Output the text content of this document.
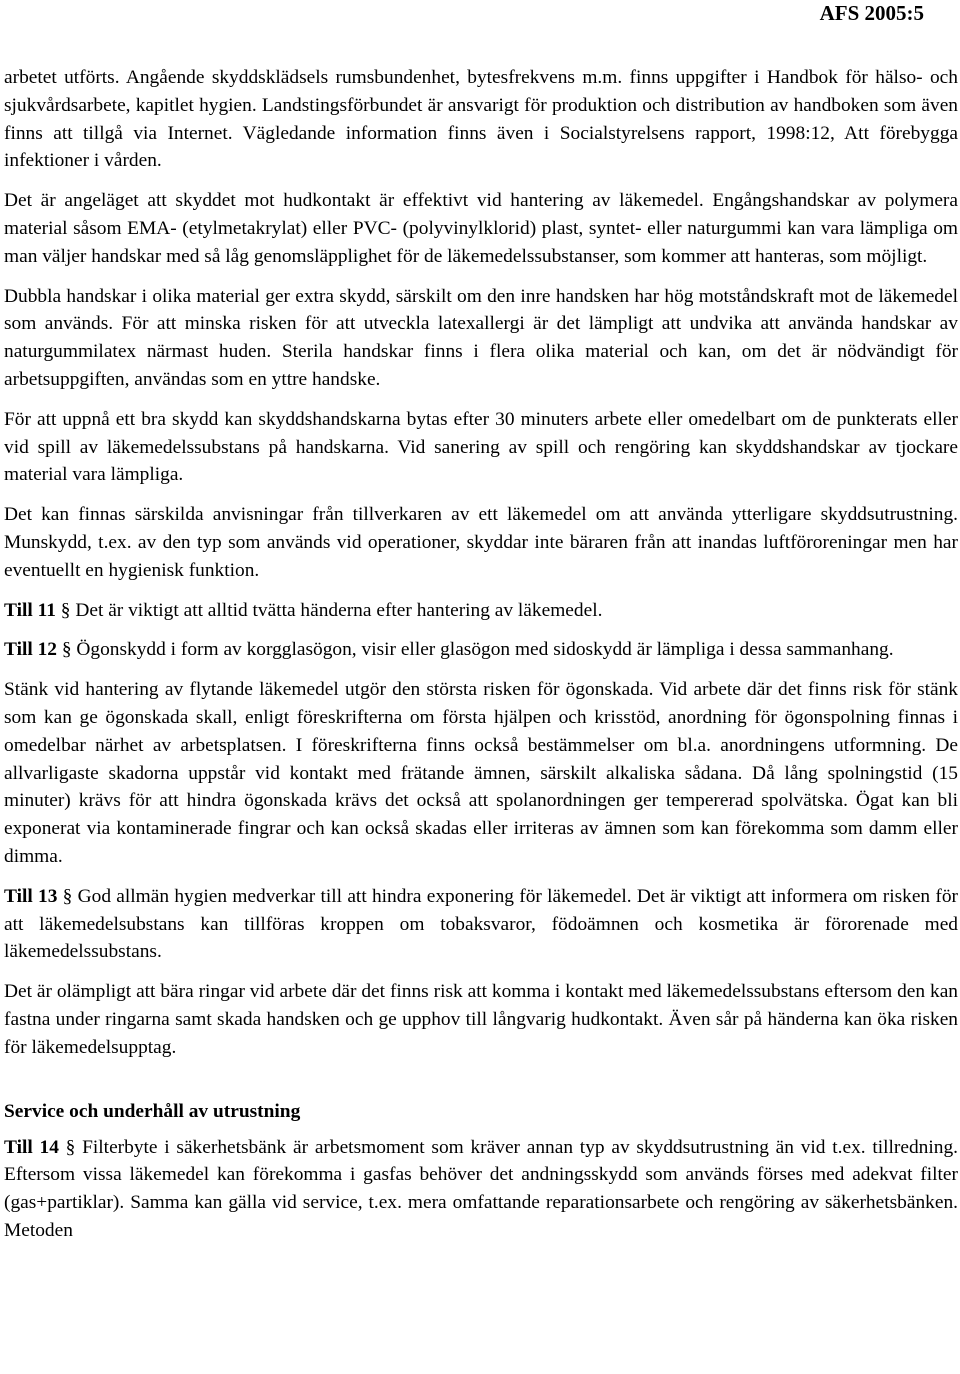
AFS 2005:5

arbetet utförts. Angående skyddsklädsels rumsbundenhet, bytesfrekvens m.m. finns uppgifter i Handbok för hälso- och sjukvårdsarbete, kapitlet hygien. Landstingsförbundet är ansvarigt för produktion och distribution av handboken som även finns att tillgå via Internet. Vägledande information finns även i Socialstyrelsens rapport, 1998:12, Att förebygga infektioner i vården.

Det är angeläget att skyddet mot hudkontakt är effektivt vid hantering av läkemedel. Engångshandskar av polymera material såsom EMA- (etylmetakrylat) eller PVC- (polyvinylklorid) plast, syntet- eller naturgummi kan vara lämpliga om man väljer handskar med så låg genomsläpplighet för de läkemedelssubstanser, som kommer att hanteras, som möjligt.

Dubbla handskar i olika material ger extra skydd, särskilt om den inre handsken har hög motståndskraft mot de läkemedel som används. För att minska risken för att utveckla latexallergi är det lämpligt att undvika att använda handskar av naturgummilatex närmast huden. Sterila handskar finns i flera olika material och kan, om det är nödvändigt för arbetsuppgiften, användas som en yttre handske.

För att uppnå ett bra skydd kan skyddshandskarna bytas efter 30 minuters arbete eller omedelbart om de punkterats eller vid spill av läkemedelssubstans på handskarna. Vid sanering av spill och rengöring kan skyddshandskar av tjockare material vara lämpliga.

Det kan finnas särskilda anvisningar från tillverkaren av ett läkemedel om att använda ytterligare skyddsutrustning. Munskydd, t.ex. av den typ som används vid operationer, skyddar inte bäraren från att inandas luftföroreningar men har eventuellt en hygienisk funktion.

Till 11 § Det är viktigt att alltid tvätta händerna efter hantering av läkemedel.

Till 12 § Ögonskydd i form av korgglasögon, visir eller glasögon med sidoskydd är lämpliga i dessa sammanhang.

Stänk vid hantering av flytande läkemedel utgör den största risken för ögonskada. Vid arbete där det finns risk för stänk som kan ge ögonskada skall, enligt föreskrifterna om första hjälpen och krisstöd, anordning för ögonspolning finnas i omedelbar närhet av arbetsplatsen. I föreskrifterna finns också bestämmelser om bl.a. anordningens utformning. De allvarligaste skadorna uppstår vid kontakt med frätande ämnen, särskilt alkaliska sådana. Då lång spolningstid (15 minuter) krävs för att hindra ögonskada krävs det också att spolanordningen ger tempererad spolvätska. Ögat kan bli exponerat via kontaminerade fingrar och kan också skadas eller irriteras av ämnen som kan förekomma som damm eller dimma.

Till 13 § God allmän hygien medverkar till att hindra exponering för läkemedel. Det är viktigt att informera om risken för att läkemedelsubstans kan tillföras kroppen om tobaksvaror, födoämnen och kosmetika är förorenade med läkemedelssubstans.

Det är olämpligt att bära ringar vid arbete där det finns risk att komma i kontakt med läkemedelssubstans eftersom den kan fastna under ringarna samt skada handsken och ge upphov till långvarig hudkontakt. Även sår på händerna kan öka risken för läkemedelsupptag.

Service och underhåll av utrustning

Till 14 § Filterbyte i säkerhetsbänk är arbetsmoment som kräver annan typ av skyddsutrustning än vid t.ex. tillredning. Eftersom vissa läkemedel kan förekomma i gasfas behöver det andningsskydd som används förses med adekvat filter (gas+partiklar). Samma kan gälla vid service, t.ex. mera omfattande reparationsarbete och rengöring av säkerhetsbänken. Metoden
